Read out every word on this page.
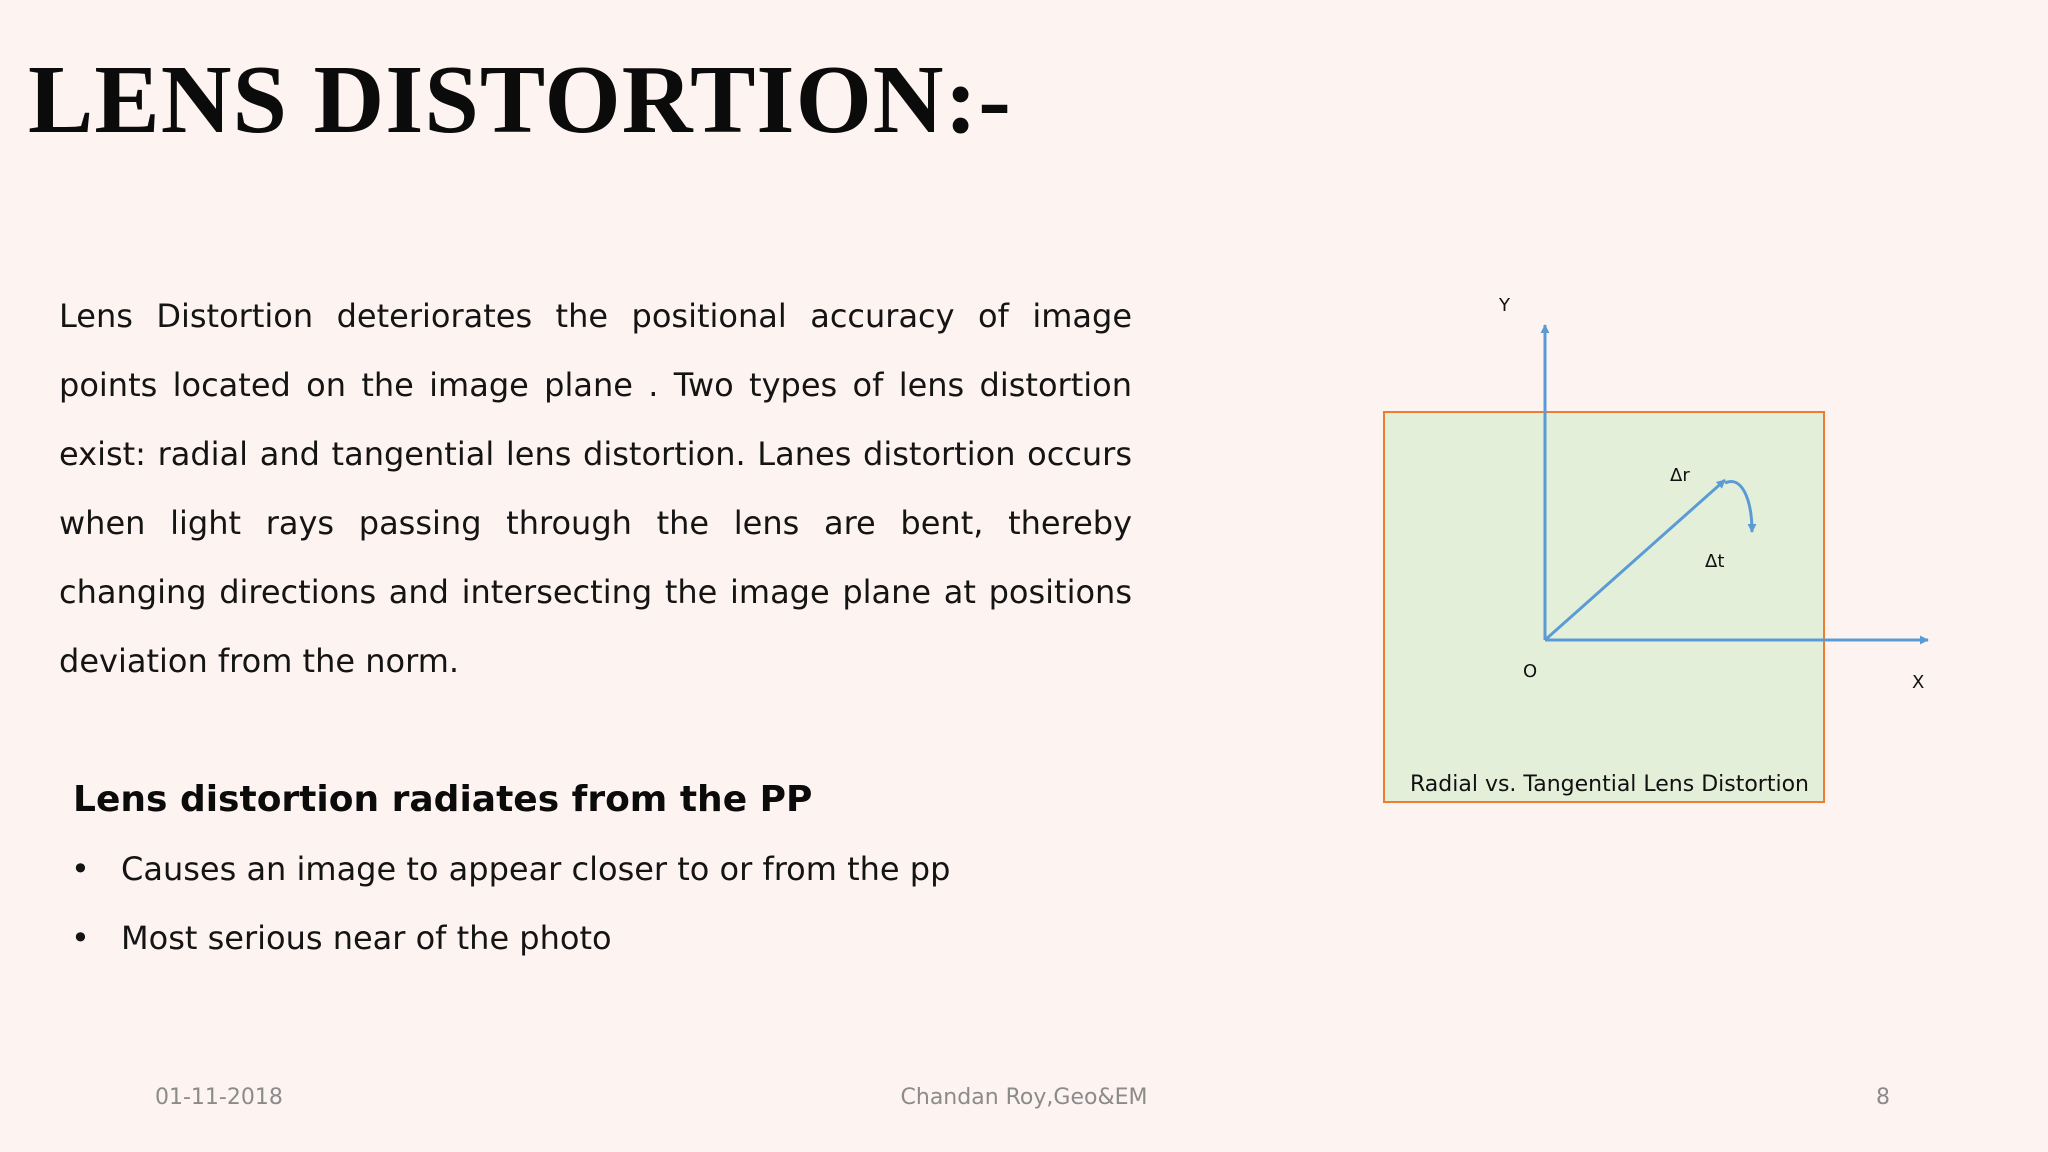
LENS DISTORTION:-

Lens Distortion deteriorates the positional accuracy of image points located on the image plane . Two types of lens distortion exist: radial and tangential lens distortion. Lanes distortion occurs when light rays passing through the lens are bent, thereby changing directions and intersecting the image plane at positions deviation from the norm.

Lens distortion radiates from the PP
• Causes an image to appear closer to or from the pp
• Most serious near of the photo
Y
Δr
Δt
O
X
Radial vs. Tangential Lens Distortion

01-11-2018	Chandan Roy,Geo&EM	8
